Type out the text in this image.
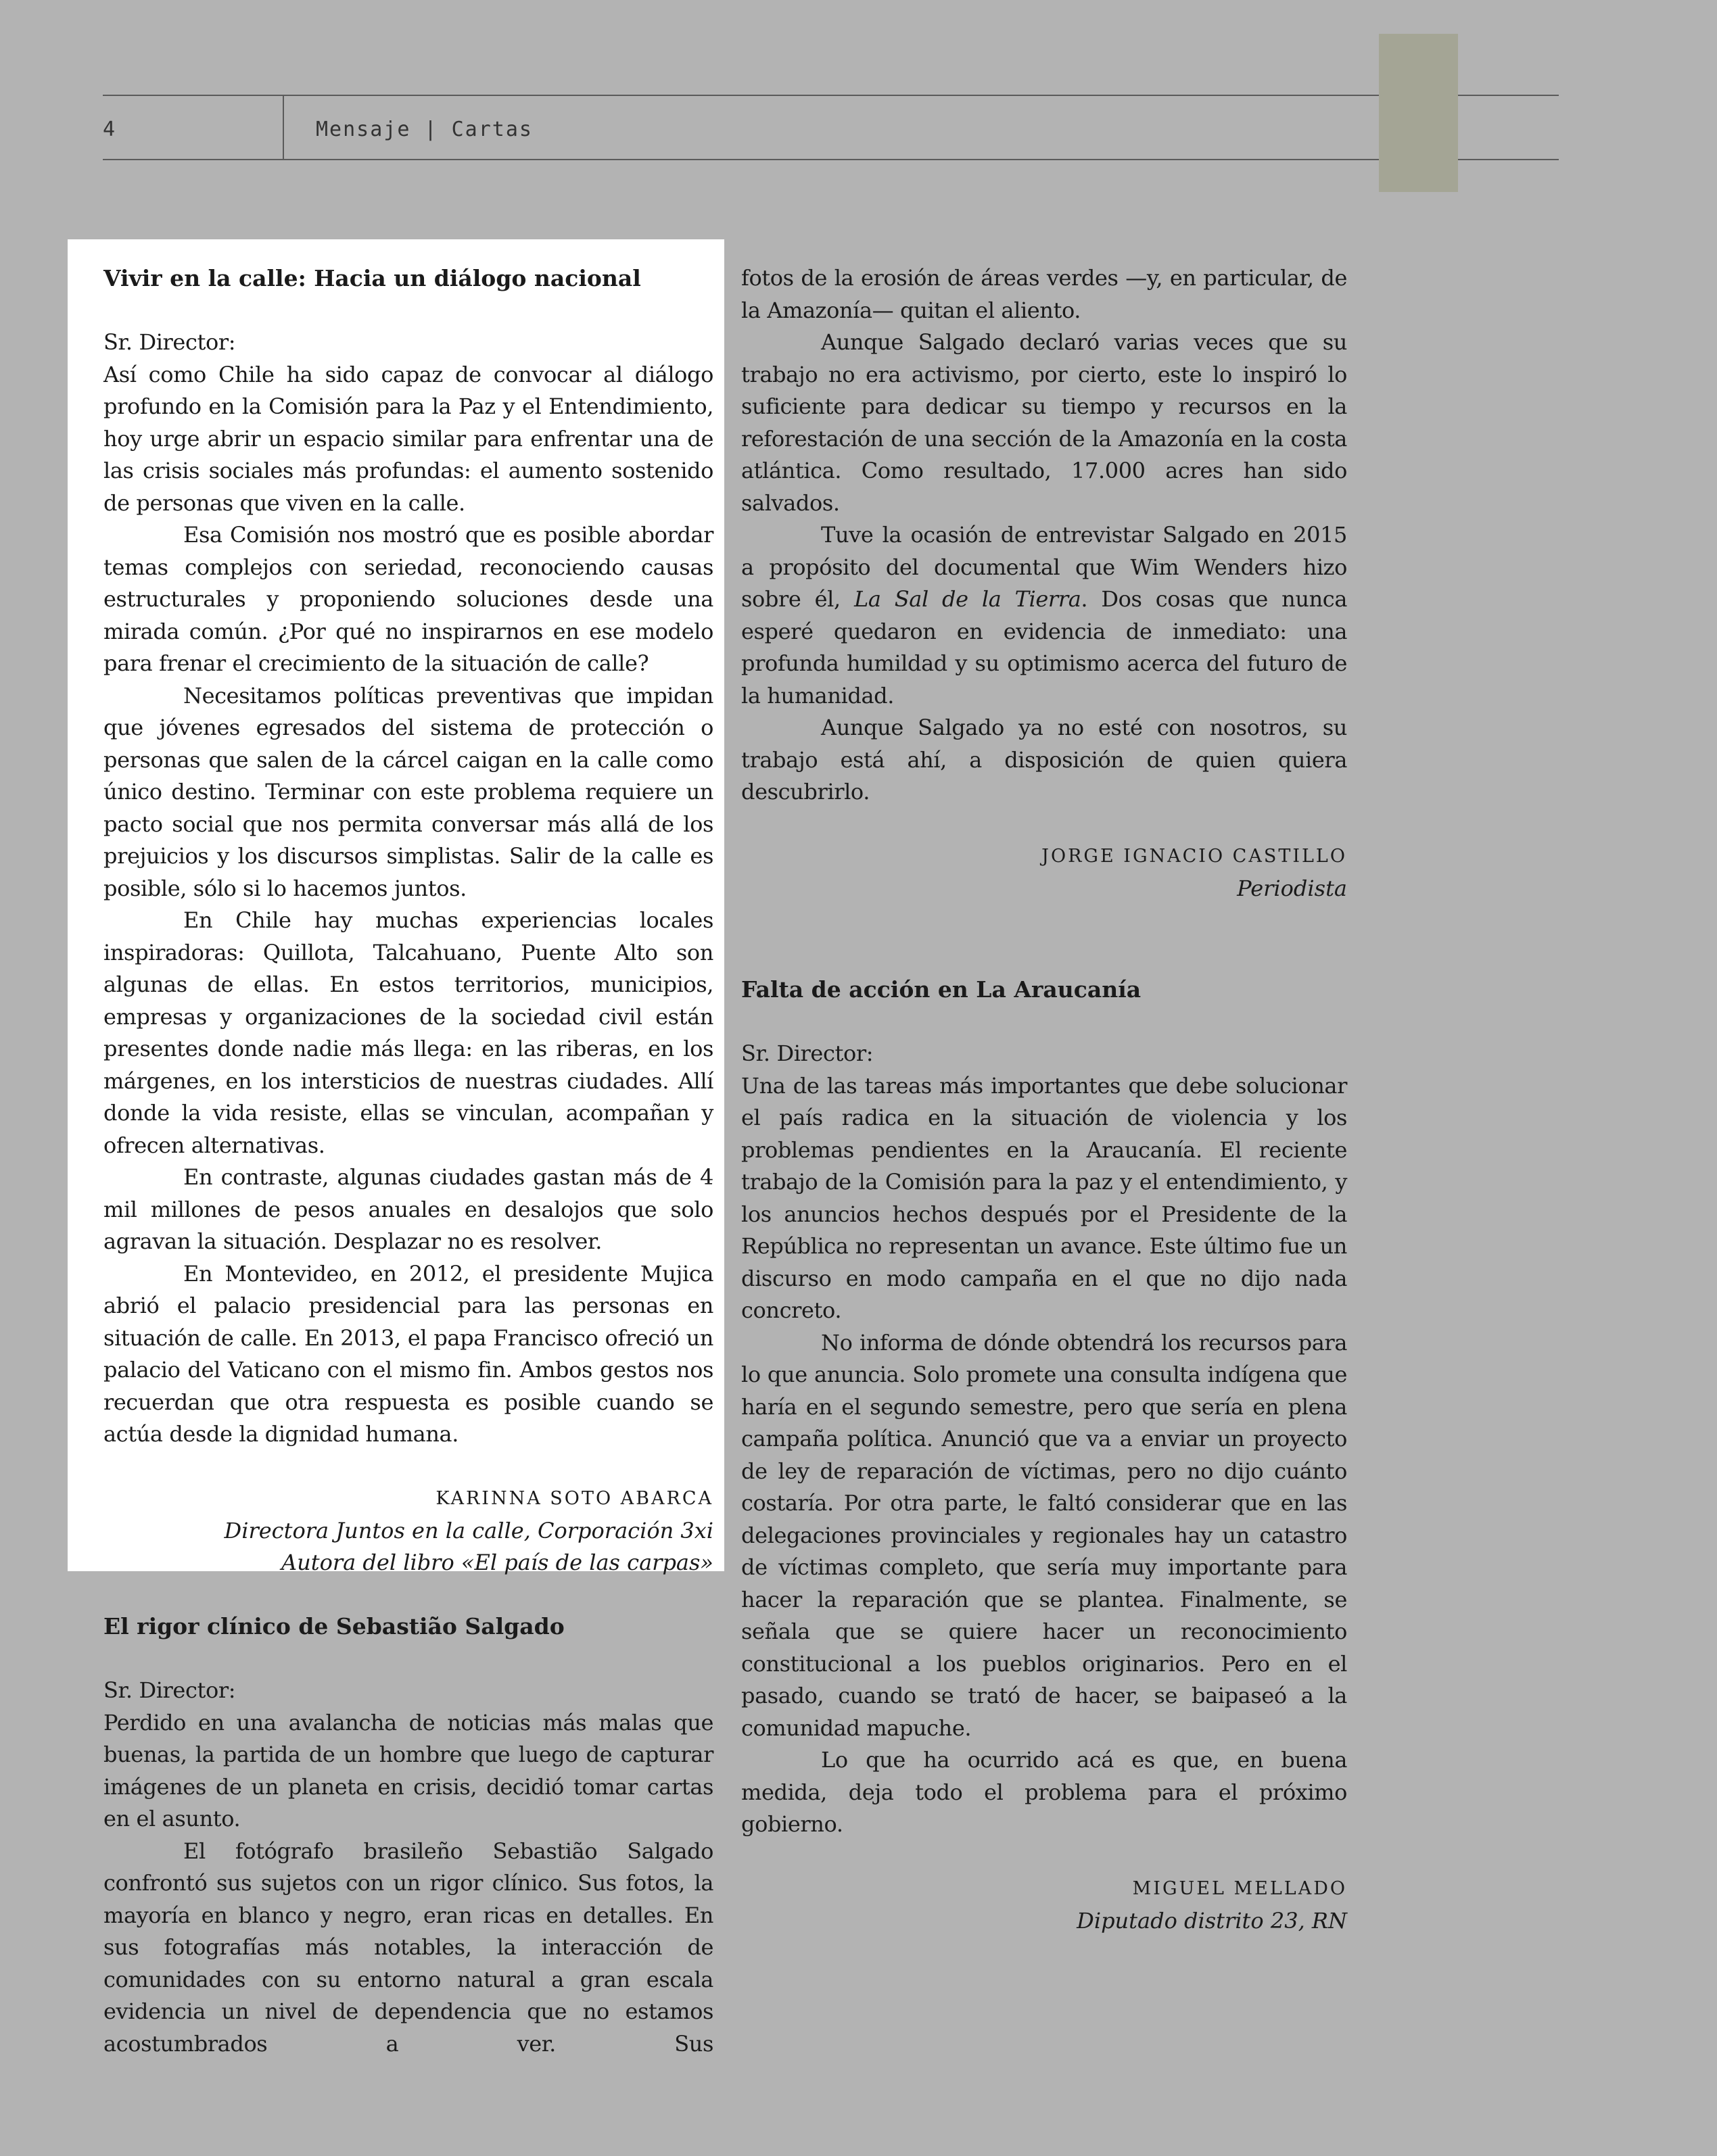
4	Mensaje | Cartas
Vivir en la calle: Hacia un diálogo nacional

Sr. Director:

Así como Chile ha sido capaz de convocar al diálogo profundo en la Comisión para la Paz y el Entendimiento, hoy urge abrir un espacio similar para enfrentar una de las crisis sociales más profundas: el aumento sostenido de personas que viven en la calle.

Esa Comisión nos mostró que es posible abordar temas complejos con seriedad, reconociendo causas estructurales y proponiendo soluciones desde una mirada común. ¿Por qué no inspirarnos en ese modelo para frenar el crecimiento de la situación de calle?

Necesitamos políticas preventivas que impidan que jóvenes egresados del sistema de protección o personas que salen de la cárcel caigan en la calle como único destino. Terminar con este problema requiere un pacto social que nos permita conversar más allá de los prejuicios y los discursos simplistas. Salir de la calle es posible, sólo si lo hacemos juntos.

En Chile hay muchas experiencias locales inspiradoras: Quillota, Talcahuano, Puente Alto son algunas de ellas. En estos territorios, municipios, empresas y organizaciones de la sociedad civil están presentes donde nadie más llega: en las riberas, en los márgenes, en los intersticios de nuestras ciudades. Allí donde la vida resiste, ellas se vinculan, acompañan y ofrecen alternativas.

En contraste, algunas ciudades gastan más de 4 mil millones de pesos anuales en desalojos que solo agravan la situación. Desplazar no es resolver.

En Montevideo, en 2012, el presidente Mujica abrió el palacio presidencial para las personas en situación de calle. En 2013, el papa Francisco ofreció un palacio del Vaticano con el mismo fin. Ambos gestos nos recuerdan que otra respuesta es posible cuando se actúa desde la dignidad humana.

KARINNA SOTO ABARCA
Directora Juntos en la calle, Corporación 3xi
Autora del libro «El país de las carpas»
El rigor clínico de Sebastião Salgado

Sr. Director:

Perdido en una avalancha de noticias más malas que buenas, la partida de un hombre que luego de capturar imágenes de un planeta en crisis, decidió tomar cartas en el asunto.

El fotógrafo brasileño Sebastião Salgado confrontó sus sujetos con un rigor clínico. Sus fotos, la mayoría en blanco y negro, eran ricas en detalles. En sus fotografías más notables, la interacción de comunidades con su entorno natural a gran escala evidencia un nivel de dependencia que no estamos acostumbrados a ver. Sus

fotos de la erosión de áreas verdes —y, en particular, de la Amazonía— quitan el aliento.

Aunque Salgado declaró varias veces que su trabajo no era activismo, por cierto, este lo inspiró lo suficiente para dedicar su tiempo y recursos en la reforestación de una sección de la Amazonía en la costa atlántica. Como resultado, 17.000 acres han sido salvados.

Tuve la ocasión de entrevistar Salgado en 2015 a propósito del documental que Wim Wenders hizo sobre él, La Sal de la Tierra. Dos cosas que nunca esperé quedaron en evidencia de inmediato: una profunda humildad y su optimismo acerca del futuro de la humanidad.

Aunque Salgado ya no esté con nosotros, su trabajo está ahí, a disposición de quien quiera descubrirlo.

JORGE IGNACIO CASTILLO
Periodista
Falta de acción en La Araucanía

Sr. Director:

Una de las tareas más importantes que debe solucionar el país radica en la situación de violencia y los problemas pendientes en la Araucanía. El reciente trabajo de la Comisión para la paz y el entendimiento, y los anuncios hechos después por el Presidente de la República no representan un avance. Este último fue un discurso en modo campaña en el que no dijo nada concreto.

No informa de dónde obtendrá los recursos para lo que anuncia. Solo promete una consulta indígena que haría en el segundo semestre, pero que sería en plena campaña política. Anunció que va a enviar un proyecto de ley de reparación de víctimas, pero no dijo cuánto costaría. Por otra parte, le faltó considerar que en las delegaciones provinciales y regionales hay un catastro de víctimas completo, que sería muy importante para hacer la reparación que se plantea. Finalmente, se señala que se quiere hacer un reconocimiento constitucional a los pueblos originarios. Pero en el pasado, cuando se trató de hacer, se baipaseó a la comunidad mapuche.

Lo que ha ocurrido acá es que, en buena medida, deja todo el problema para el próximo gobierno.

MIGUEL MELLADO
Diputado distrito 23, RN
